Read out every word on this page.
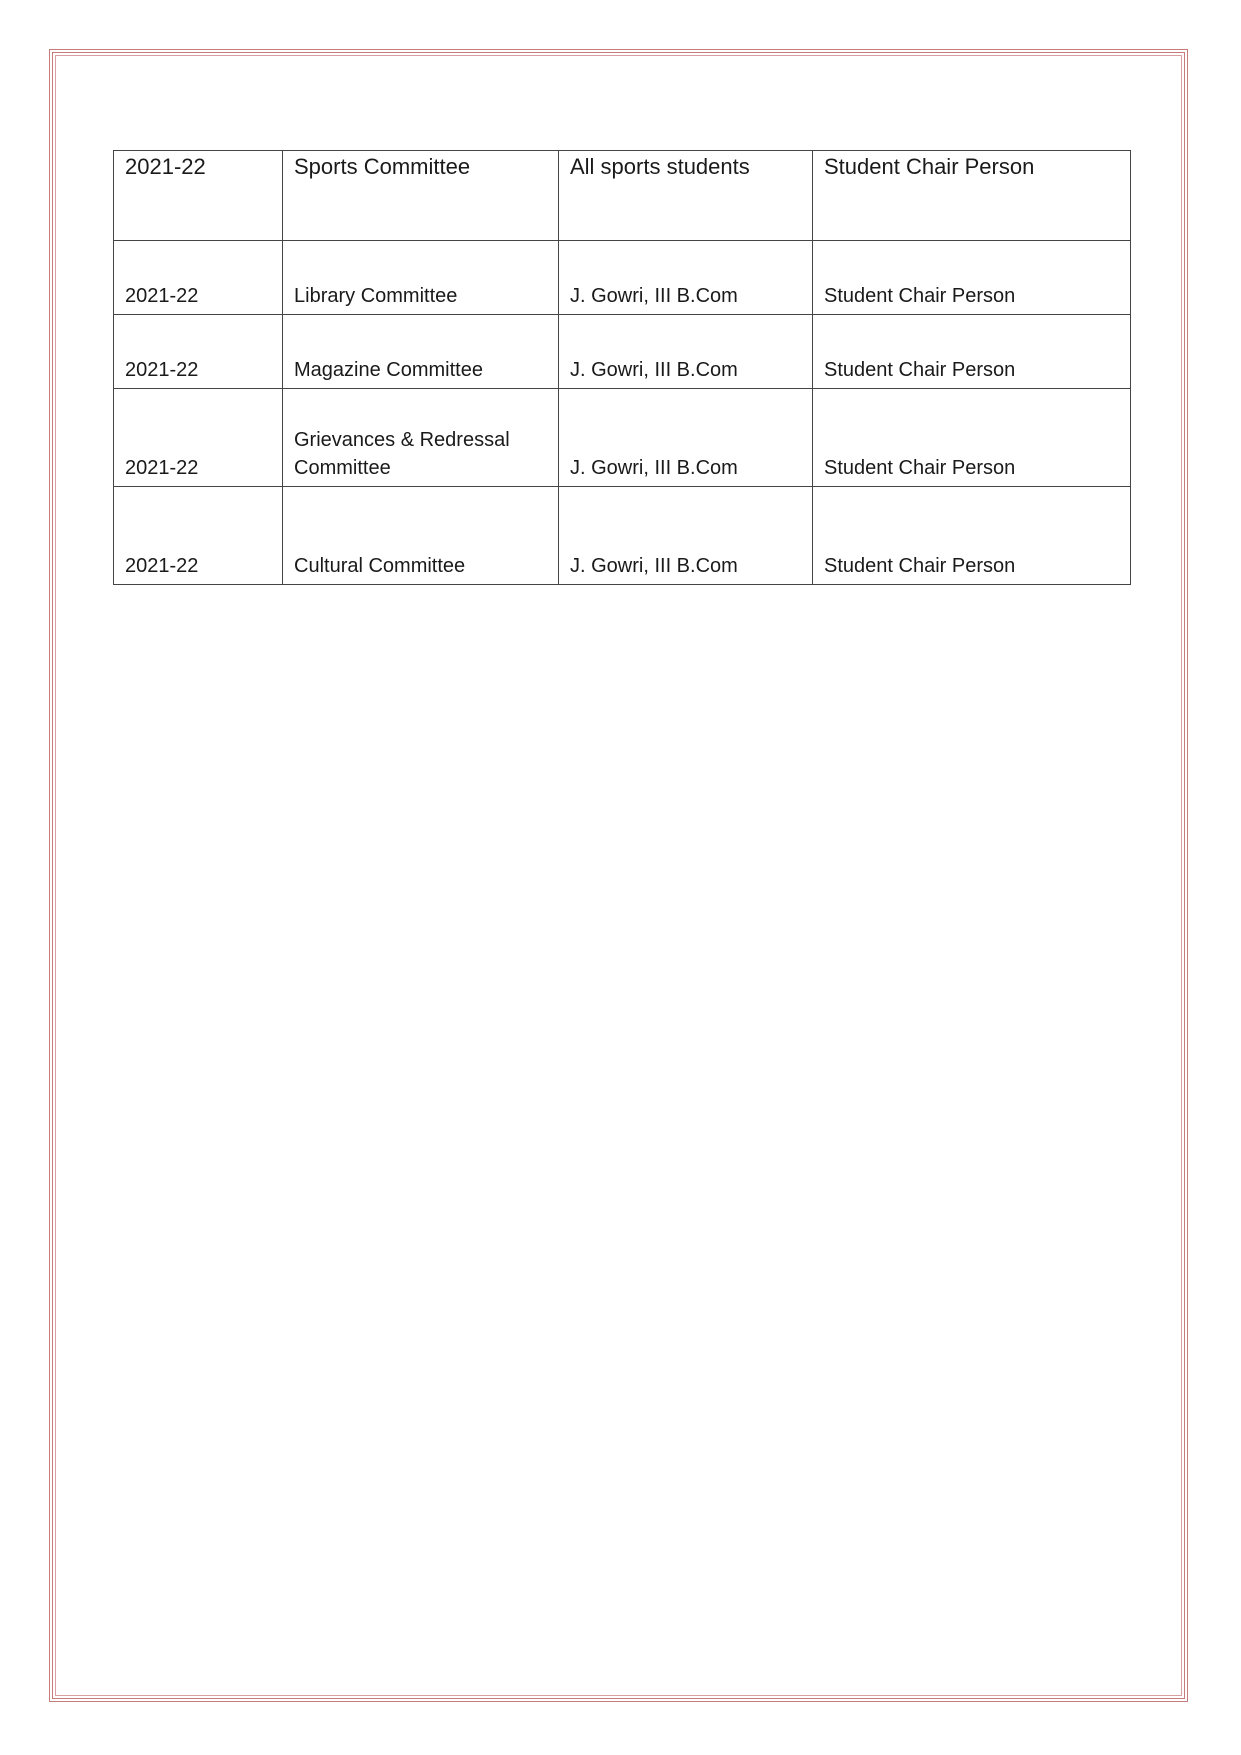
2021-22	Sports Committee	All sports students	Student Chair Person
2021-22	Library Committee	J. Gowri, III B.Com	Student Chair Person
2021-22	Magazine Committee	J. Gowri, III B.Com	Student Chair Person
2021-22	Grievances & Redressal Committee	J. Gowri, III B.Com	Student Chair Person
2021-22	Cultural Committee	J. Gowri, III B.Com	Student Chair Person
